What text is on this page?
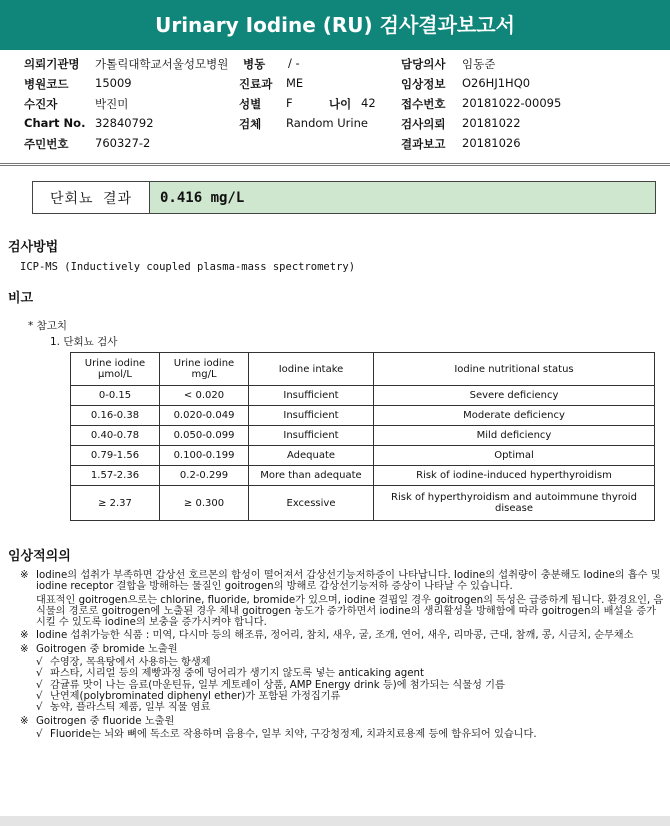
Urinary Iodine (RU) 검사결과보고서
의뢰기관명 가톨릭대학교서울성모병원 병동 / -	담당의사 임동준
병원코드 15009	진료과 ME	임상정보 O26HJ1HQ0
수진자	박진미	성별 F	나이 42 접수번호 20181022-00095
Chart No. 32840792	검체 Random Urine	검사의뢰 20181022
주민번호 760327-2	결과보고 20181026
단회뇨 결과	0.416 mg/L
검사방법
ICP-MS (Inductively coupled plasma-mass spectrometry)
비고
* 참고치
1. 단회뇨 검사
Urine iodine μmol/L	Urine iodine mg/L	Iodine intake	Iodine nutritional status
0-0.15	< 0.020	Insufficient	Severe deficiency
0.16-0.38	0.020-0.049	Insufficient	Moderate deficiency
0.40-0.78	0.050-0.099	Insufficient	Mild deficiency
0.79-1.56	0.100-0.199	Adequate	Optimal
1.57-2.36	0.2-0.299	More than adequate	Risk of iodine-induced hyperthyroidism
≥ 2.37	≥ 0.300	Excessive	Risk of hyperthyroidism and autoimmune thyroid disease
임상적의의
※ Iodine의 섭취가 부족하면 갑상선 호르몬의 합성이 떨어져서 갑상선기능저하증이 나타납니다. Iodine의 섭취량이 충분해도 Iodine의 흡수 및 iodine receptor 결합을 방해하는 물질인 goitrogen의 방해로 갑상선기능저하 증상이 나타날 수 있습니다.
대표적인 goitrogen으로는 chlorine, fluoride, bromide가 있으며, iodine 결핍일 경우 goitrogen의 독성은 급증하게 됩니다. 환경요인, 음식물의 경로로 goitrogen에 노출된 경우 체내 goitrogen 농도가 증가하면서 iodine의 생리활성을 방해함에 따라 goitrogen의 배설을 증가시킬 수 있도록 iodine의 보충을 증가시켜야 합니다.
※ Iodine 섭취가능한 식품 : 미역, 다시마 등의 해조류, 정어리, 참치, 새우, 굴, 조개, 연어, 새우, 리마콩, 근대, 참깨, 콩, 시금치, 순무채소
※ Goitrogen 중 bromide 노출원
√ 수영장, 목욕탕에서 사용하는 항생제
√ 파스타, 시리얼 등의 제빵과정 중에 덩어리가 생기지 않도록 넣는 anticaking agent
√ 감귤류 맛이 나는 음료(마운틴듀, 일부 게토레이 상품, AMP Energy drink 등)에 첨가되는 식물성 기름
√ 난연제(polybrominated diphenyl ether)가 포함된 가정집기류
√ 농약, 플라스틱 제품, 일부 직물 염료
※ Goitrogen 중 fluoride 노출원
√ Fluoride는 뇌와 뼈에 독소로 작용하며 음용수, 일부 치약, 구강청정제, 치과치료용제 등에 함유되어 있습니다.
